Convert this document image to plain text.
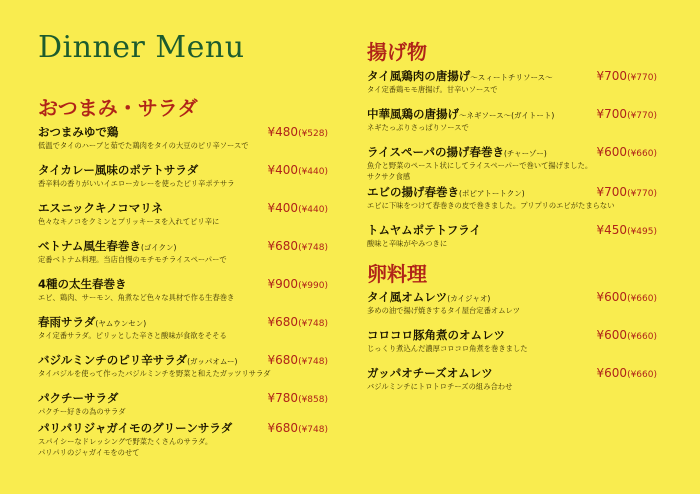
Dinner Menu
おつまみ・サラダ
おつまみゆで鶏	¥480(¥528)
低温でタイのハーブと茹でた鶏肉をタイの大豆のピリ辛ソースで
タイカレー風味のポテトサラダ	¥400(¥440)
香辛料の香りがいいイエローカレーを使ったピリ辛ポテサラ
エスニックキノコマリネ	¥400(¥440)
色々なキノコをクミンとプリッキーヌを入れてピリ辛に
ベトナム風生春巻き(ゴイクン)	¥680(¥748)
定番ベトナム料理。当店自慢のモチモチライスペーパーで
4種の太生春巻き	¥900(¥990)
エビ、鶏肉、サーモン、角煮など色々な具材で作る生春巻き
春雨サラダ(ヤムウンセン)	¥680(¥748)
タイ定番サラダ。ピリッとした辛さと酸味が食欲をそそる
バジルミンチのピリ辛サラダ(ガッパオムー)	¥680(¥748)
タイバジルを使って作ったバジルミンチを野菜と和えたガッツリサラダ
パクチーサラダ	¥780(¥858)
パクチー好きの為のサラダ
パリパリジャガイモのグリーンサラダ	¥680(¥748)
スパイシーなドレッシングで野菜たくさんのサラダ。
パリパリのジャガイモをのせて
揚げ物
タイ風鶏肉の唐揚げ～スィートチリソース～	¥700(¥770)
タイ定番鶏モモ唐揚げ。甘辛いソースで
中華風鶏の唐揚げ～ネギソース～(ガイトート)	¥700(¥770)
ネギたっぷりさっぱりソースで
ライスペーパの揚げ春巻き(チャーゾー)	¥600(¥660)
魚介と野菜のペースト状にしてライスペーパーで巻いて揚げました。
サクサク食感
エビの揚げ春巻き(ポピアトートクン)	¥700(¥770)
エビに下味をつけて春巻きの皮で巻きました。プリプリのエビがたまらない
トムヤムポテトフライ	¥450(¥495)
酸味と辛味がやみつきに
卵料理
タイ風オムレツ(カイジャオ)	¥600(¥660)
多めの油で揚げ焼きするタイ屋台定番オムレツ
コロコロ豚角煮のオムレツ	¥600(¥660)
じっくり煮込んだ濃厚コロコロ角煮を巻きました
ガッパオチーズオムレツ	¥600(¥660)
バジルミンチにトロトロチーズの組み合わせ
